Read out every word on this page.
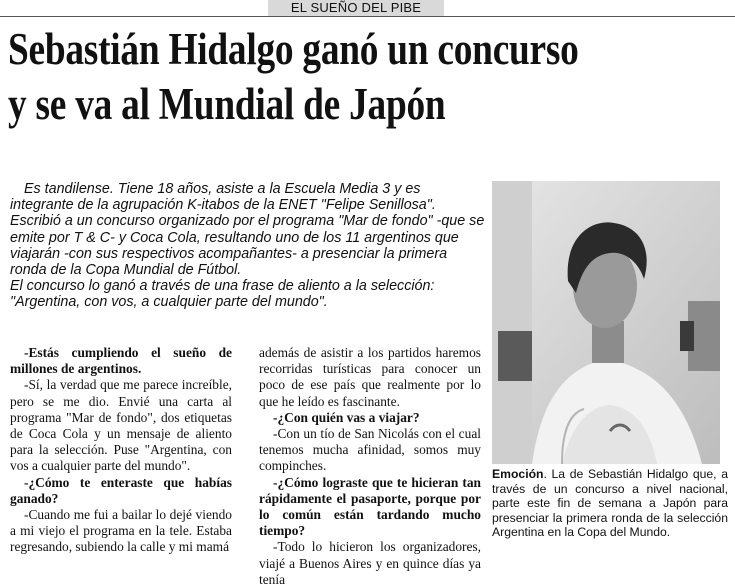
EL SUEÑO DEL PIBE
Sebastián Hidalgo ganó un concurso
y se va al Mundial de Japón

Es tandilense. Tiene 18 años, asiste a la Escuela Media 3 y es integrante de la agrupación K-itabos de la ENET "Felipe Senillosa". Escribió a un concurso organizado por el programa "Mar de fondo" -que se emite por T & C- y Coca Cola, resultando uno de los 11 argentinos que viajarán -con sus respectivos acompañantes- a presenciar la primera ronda de la Copa Mundial de Fútbol.

El concurso lo ganó a través de una frase de aliento a la selección: "Argentina, con vos, a cualquier parte del mundo".

Emoción. La de Sebastián Hidalgo que, a través de un concurso a nivel nacional, parte este fin de semana a Japón para presenciar la primera ronda de la selección Argentina en la Copa del Mundo.

-Estás cumpliendo el sueño de millones de argentinos.

-Sí, la verdad que me parece increíble, pero se me dio. Envié una carta al programa "Mar de fondo", dos etiquetas de Coca Cola y un mensaje de aliento para la selección. Puse "Argentina, con vos a cualquier parte del mundo".

-¿Cómo te enteraste que habías ganado?

-Cuando me fui a bailar lo dejé viendo a mi viejo el programa en la tele. Estaba regresando, subiendo la calle y mi mamá

además de asistir a los partidos haremos recorridas turísticas para conocer un poco de ese país que realmente por lo que he leído es fascinante.

-¿Con quién vas a viajar?

-Con un tío de San Nicolás con el cual tenemos mucha afinidad, somos muy compinches.

-¿Cómo lograste que te hicieran tan rápidamente el pasaporte, porque por lo común están tardando mucho tiempo?

-Todo lo hicieron los organizadores, viajé a Buenos Aires y en quince días ya tenía
